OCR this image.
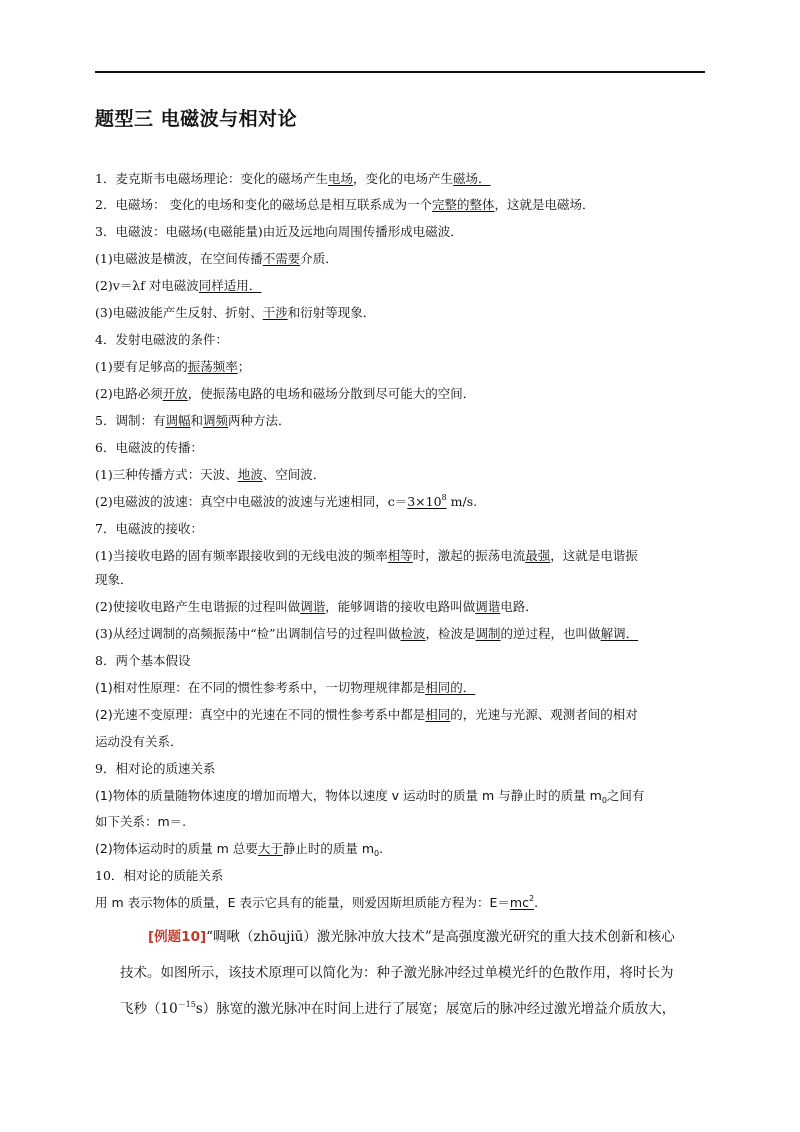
题型三 电磁波与相对论
1．麦克斯韦电磁场理论：变化的磁场产生电场，变化的电场产生磁场．
2．电磁场： 变化的电场和变化的磁场总是相互联系成为一个完整的整体，这就是电磁场．
3．电磁波：电磁场(电磁能量)由近及远地向周围传播形成电磁波．
(1)电磁波是横波，在空间传播不需要介质．
(2)v＝λf 对电磁波同样适用．
(3)电磁波能产生反射、折射、干涉和衍射等现象．
4．发射电磁波的条件：
(1)要有足够高的振荡频率；
(2)电路必须开放，使振荡电路的电场和磁场分散到尽可能大的空间．
5．调制：有调幅和调频两种方法．
6．电磁波的传播：
(1)三种传播方式：天波、地波、空间波．
(2)电磁波的波速：真空中电磁波的波速与光速相同，$c=3\times 10^8$ m/s.
7．电磁波的接收：
(1)当接收电路的固有频率跟接收到的无线电波的频率相等时，激起的振荡电流最强，这就是电谐振
现象．
(2)使接收电路产生电谐振的过程叫做调谐，能够调谐的接收电路叫做调谐电路．
(3)从经过调制的高频振荡中“检”出调制信号的过程叫做检波，检波是调制的逆过程，也叫做解调．
8．两个基本假设
(1)相对性原理：在不同的惯性参考系中，一切物理规律都是相同的．
(2)光速不变原理：真空中的光速在不同的惯性参考系中都是相同的，光速与光源、观测者间的相对
运动没有关系．
9．相对论的质速关系
(1)物体的质量随物体速度的增加而增大，物体以速度 v 运动时的质量 m 与静止时的质量 $m_0$之间有
如下关系：m＝.
(2)物体运动时的质量 m 总要大于静止时的质量 $m_0$.
10．相对论的质能关系
用 m 表示物体的质量，E 表示它具有的能量，则爱因斯坦质能方程为：$E=mc^2$.
[例题10]“啁啾（zhōujiū）激光脉冲放大技术”是高强度激光研究的重大技术创新和核心
技术。如图所示，该技术原理可以简化为：种子激光脉冲经过单模光纤的色散作用，将时长为
飞秒$(10^{-15}s)$脉宽的激光脉冲在时间上进行了展宽；展宽后的脉冲经过激光增益介质放大，
